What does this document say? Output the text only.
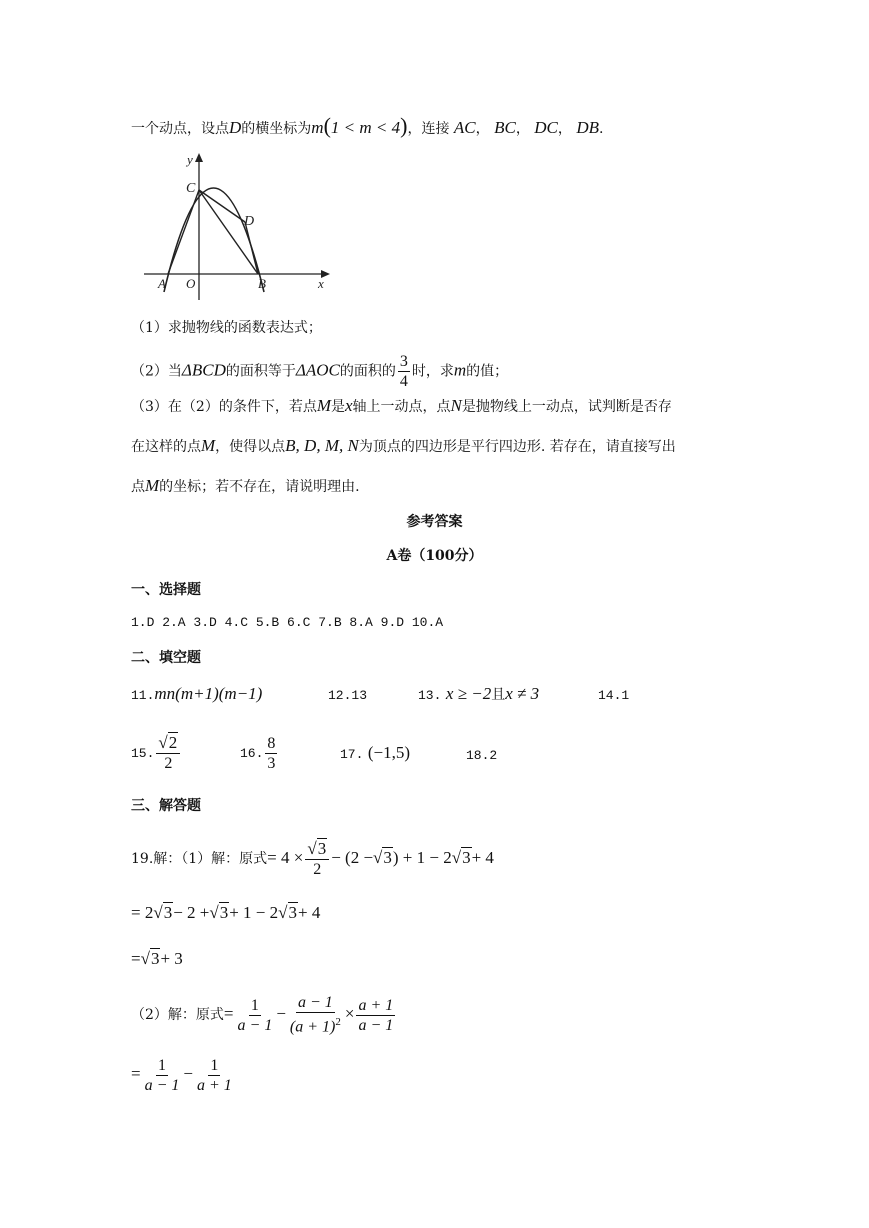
一个动点，设点D的横坐标为m(1 < m < 4)，连接 AC， BC， DC， DB.
y
x
C
D
A O	B
（1）求抛物线的函数表达式；
（2）当ΔBCD的面积等于ΔAOC的面积的 $\frac{3}{4}$ 时，求m的值；
（3）在（2）的条件下，若点M是x轴上一动点，点N是抛物线上一动点，试判断是否存
在这样的点M，使得以点B, D, M, N为顶点的四边形是平行四边形. 若存在，请直接写出
点M的坐标；若不存在，请说明理由.
参考答案
A卷（100分）
一、选择题
1.D 2.A 3.D 4.C 5.B 6.C 7.B 8.A 9.D 10.A
二、填空题
11.mn(m+1)(m−1)	12.13	13. x ≥ −2且x ≠ 3	14.1
15. $\frac{√2}{2}$	16. $\frac{8}{3}$	17. (−1,5)	18.2
三、解答题
19.解：（1）解：原式= $4 \times \frac{√3}{2} - (2 -√3) + 1 - 2√3+ 4$
= 2√3− 2 +√3+ 1 − 2√3+ 4
=√3+ 3
（2）解：原式= $\frac{1}{a - 1} - \frac{a - 1}{(a + 1)^2} \times \frac{a + 1}{a - 1}$
= $\frac{1}{a - 1} - \frac{1}{a + 1}$
